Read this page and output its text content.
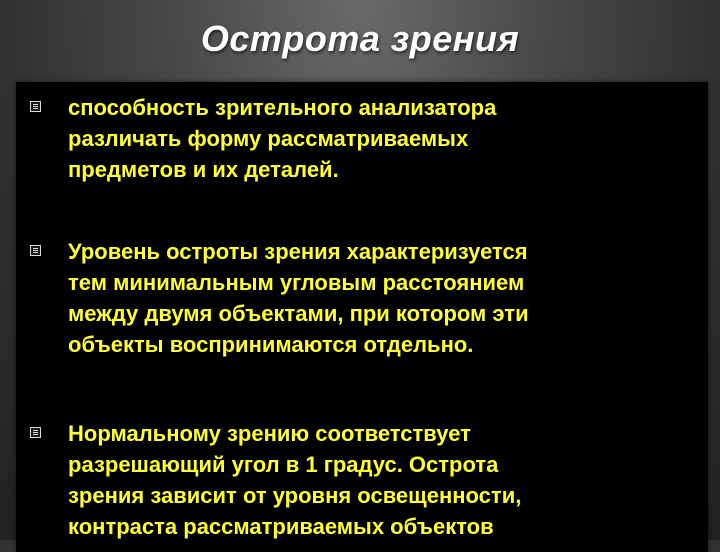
Острота зрения
способность зрительного анализатора
различать форму рассматриваемых
предметов и их деталей.
Уровень остроты зрения характеризуется
тем минимальным угловым расстоянием
между двумя объектами, при котором эти
объекты воспринимаются отдельно.
Нормальному зрению соответствует
разрешающий угол в 1 градус. Острота
зрения зависит от уровня освещенности,
контраста рассматриваемых объектов
